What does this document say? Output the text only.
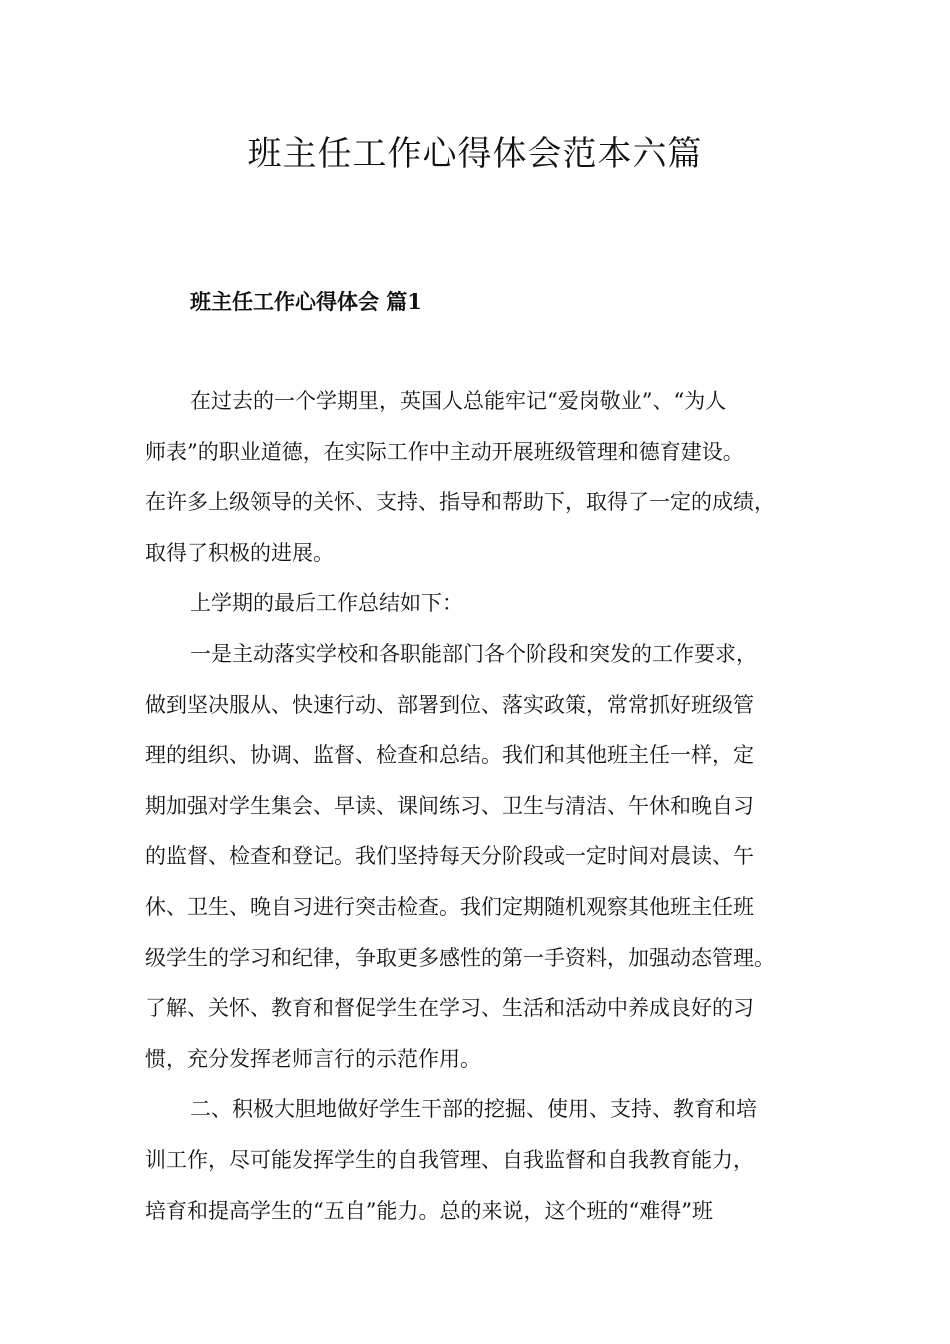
班主任工作心得体会范本六篇
班主任工作心得体会 篇1

在过去的一个学期里，英国人总能牢记“爱岗敬业”、“为人

师表”的职业道德，在实际工作中主动开展班级管理和德育建设。

在许多上级领导的关怀、支持、指导和帮助下，取得了一定的成绩，

取得了积极的进展。

上学期的最后工作总结如下：

一是主动落实学校和各职能部门各个阶段和突发的工作要求，

做到坚决服从、快速行动、部署到位、落实政策，常常抓好班级管

理的组织、协调、监督、检查和总结。我们和其他班主任一样，定

期加强对学生集会、早读、课间练习、卫生与清洁、午休和晚自习

的监督、检查和登记。我们坚持每天分阶段或一定时间对晨读、午

休、卫生、晚自习进行突击检查。我们定期随机观察其他班主任班

级学生的学习和纪律，争取更多感性的第一手资料，加强动态管理。

了解、关怀、教育和督促学生在学习、生活和活动中养成良好的习

惯，充分发挥老师言行的示范作用。

二、积极大胆地做好学生干部的挖掘、使用、支持、教育和培

训工作，尽可能发挥学生的自我管理、自我监督和自我教育能力，

培育和提高学生的“五自”能力。总的来说，这个班的“难得”班
